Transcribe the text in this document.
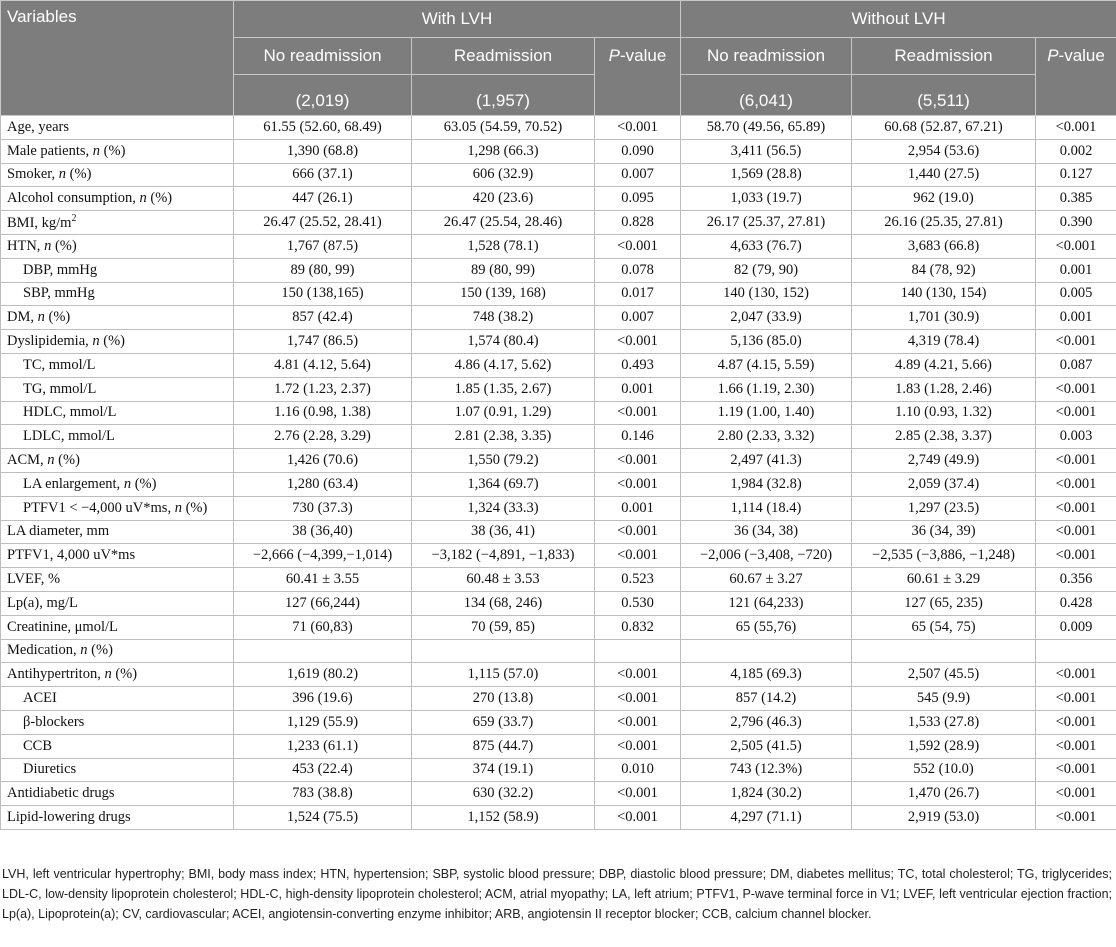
Variables	With LVH			Without LVH		
	No readmission	Readmission	P-value	No readmission	Readmission	P-value
	(2,019)	(1,957)		(6,041)	(5,511)	
Age, years	61.55 (52.60, 68.49)	63.05 (54.59, 70.52)	<0.001	58.70 (49.56, 65.89)	60.68 (52.87, 67.21)	<0.001
Male patients, n (%)	1,390 (68.8)	1,298 (66.3)	0.090	3,411 (56.5)	2,954 (53.6)	0.002
Smoker, n (%)	666 (37.1)	606 (32.9)	0.007	1,569 (28.8)	1,440 (27.5)	0.127
Alcohol consumption, n (%)	447 (26.1)	420 (23.6)	0.095	1,033 (19.7)	962 (19.0)	0.385
BMI, $kg/m^2$	26.47 (25.52, 28.41)	26.47 (25.54, 28.46)	0.828	26.17 (25.37, 27.81)	26.16 (25.35, 27.81)	0.390
HTN, n (%)	1,767 (87.5)	1,528 (78.1)	<0.001	4,633 (76.7)	3,683 (66.8)	<0.001
DBP, mmHg	89 (80, 99)	89 (80, 99)	0.078	82 (79, 90)	84 (78, 92)	0.001
SBP, mmHg	150 (138,165)	150 (139, 168)	0.017	140 (130, 152)	140 (130, 154)	0.005
DM, n (%)	857 (42.4)	748 (38.2)	0.007	2,047 (33.9)	1,701 (30.9)	0.001
Dyslipidemia, n (%)	1,747 (86.5)	1,574 (80.4)	<0.001	5,136 (85.0)	4,319 (78.4)	<0.001
TC, mmol/L	4.81 (4.12, 5.64)	4.86 (4.17, 5.62)	0.493	4.87 (4.15, 5.59)	4.89 (4.21, 5.66)	0.087
TG, mmol/L	1.72 (1.23, 2.37)	1.85 (1.35, 2.67)	0.001	1.66 (1.19, 2.30)	1.83 (1.28, 2.46)	<0.001
HDLC, mmol/L	1.16 (0.98, 1.38)	1.07 (0.91, 1.29)	<0.001	1.19 (1.00, 1.40)	1.10 (0.93, 1.32)	<0.001
LDLC, mmol/L	2.76 (2.28, 3.29)	2.81 (2.38, 3.35)	0.146	2.80 (2.33, 3.32)	2.85 (2.38, 3.37)	0.003
ACM, n (%)	1,426 (70.6)	1,550 (79.2)	<0.001	2,497 (41.3)	2,749 (49.9)	<0.001
LA enlargement, n (%)	1,280 (63.4)	1,364 (69.7)	<0.001	1,984 (32.8)	2,059 (37.4)	<0.001
PTFV1 < −4,000 uV*ms, n (%)	730 (37.3)	1,324 (33.3)	0.001	1,114 (18.4)	1,297 (23.5)	<0.001
LA diameter, mm	38 (36,40)	38 (36, 41)	<0.001	36 (34, 38)	36 (34, 39)	<0.001
PTFV1, 4,000 uV*ms	−2,666 (−4,399,−1,014)	−3,182 (−4,891, −1,833)	<0.001	−2,006 (−3,408, −720)	−2,535 (−3,886, −1,248)	<0.001
LVEF, %	60.41 ± 3.55	60.48 ± 3.53	0.523	60.67 ± 3.27	60.61 ± 3.29	0.356
Lp(a), mg/L	127 (66,244)	134 (68, 246)	0.530	121 (64,233)	127 (65, 235)	0.428
Creatinine, μmol/L	71 (60,83)	70 (59, 85)	0.832	65 (55,76)	65 (54, 75)	0.009
Medication, n (%)						
Antihypertriton, n (%)	1,619 (80.2)	1,115 (57.0)	<0.001	4,185 (69.3)	2,507 (45.5)	<0.001
ACEI	396 (19.6)	270 (13.8)	<0.001	857 (14.2)	545 (9.9)	<0.001
β-blockers	1,129 (55.9)	659 (33.7)	<0.001	2,796 (46.3)	1,533 (27.8)	<0.001
CCB	1,233 (61.1)	875 (44.7)	<0.001	2,505 (41.5)	1,592 (28.9)	<0.001
Diuretics	453 (22.4)	374 (19.1)	0.010	743 (12.3%)	552 (10.0)	<0.001
Antidiabetic drugs	783 (38.8)	630 (32.2)	<0.001	1,824 (30.2)	1,470 (26.7)	<0.001
Lipid-lowering drugs	1,524 (75.5)	1,152 (58.9)	<0.001	4,297 (71.1)	2,919 (53.0)	<0.001
LVH, left ventricular hypertrophy; BMI, body mass index; HTN, hypertension; SBP, systolic blood pressure; DBP, diastolic blood pressure; DM, diabetes mellitus; TC, total cholesterol; TG, triglycerides; LDL-C, low-density lipoprotein cholesterol; HDL-C, high-density lipoprotein cholesterol; ACM, atrial myopathy; LA, left atrium; PTFV1, P-wave terminal force in V1; LVEF, left ventricular ejection fraction; Lp(a), Lipoprotein(a); CV, cardiovascular; ACEI, angiotensin-converting enzyme inhibitor; ARB, angiotensin II receptor blocker; CCB, calcium channel blocker.
